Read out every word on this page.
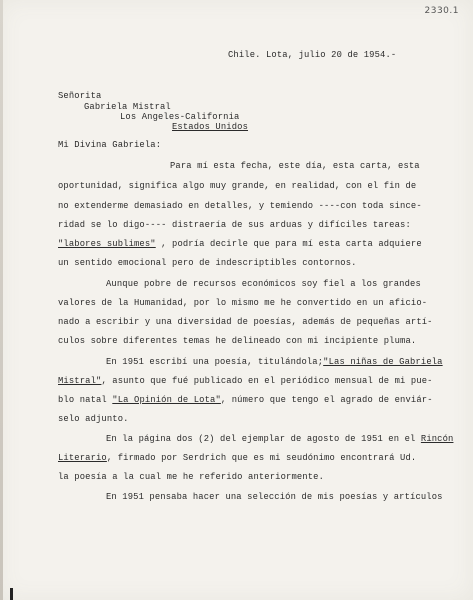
2330.1
Chile. Lota, julio 20 de 1954.-
Señorita
Gabriela Mistral
Los Angeles-California
Estados Unidos
Mi Divina Gabriela:
Para mí esta fecha, este día, esta carta, esta
oportunidad, significa algo muy grande, en realidad, con el fin de
no extenderme demasiado en detalles, y temiendo ----con toda since-
ridad se lo digo---- distraería de sus arduas y difíciles tareas:
"labores sublimes" , podría decirle que para mí esta carta adquiere
un sentido emocional pero de indescriptibles contornos.
Aunque pobre de recursos económicos soy fiel a los grandes
valores de la Humanidad, por lo mismo me he convertido en un aficio-
nado a escribir y una diversidad de poesías, además de pequeñas artí-
culos sobre diferentes temas he delineado con mi incipiente pluma.
En 1951 escribí una poesía, titulándola;"Las niñas de Gabriela
Mistral", asunto que fué publicado en el periódico mensual de mi pue-
blo natal "La Opinión de Lota", número que tengo el agrado de enviár-
selo adjunto.
En la página dos (2) del ejemplar de agosto de 1951 en el Rincón
Literario, firmado por Serdrich que es mi seudónimo encontrará Ud.
la poesía a la cual me he referido anteriormente.
En 1951 pensaba hacer una selección de mis poesías y artículos
